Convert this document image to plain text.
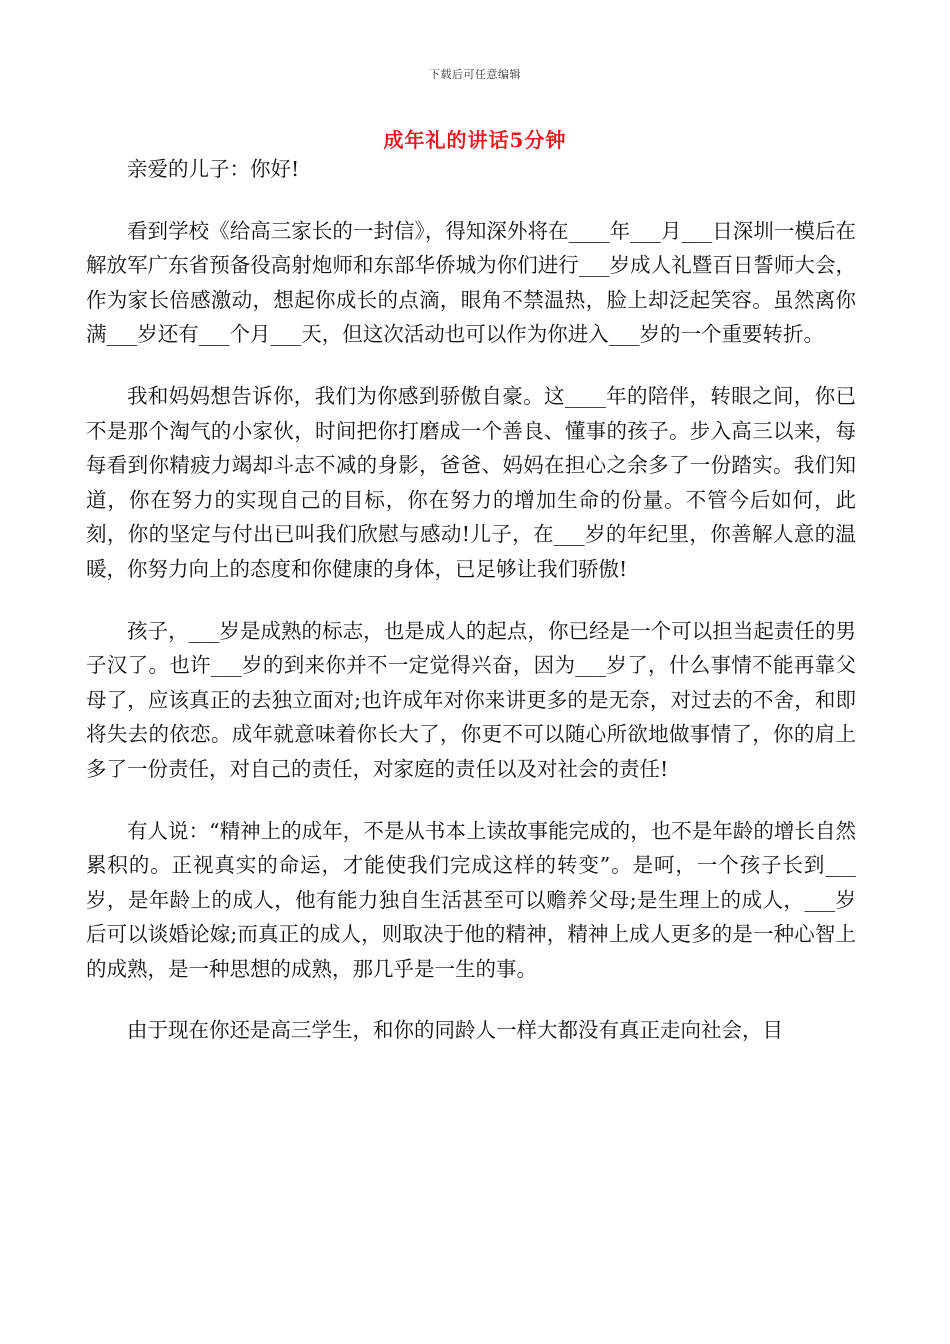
下载后可任意编辑
成年礼的讲话5分钟

亲爱的儿子：你好!

看到学校《给高三家长的一封信》，得知深外将在____年___月___日深圳一模后在解放军广东省预备役高射炮师和东部华侨城为你们进行___岁成人礼暨百日誓师大会，作为家长倍感激动，想起你成长的点滴，眼角不禁温热，脸上却泛起笑容。虽然离你满___岁还有___个月___天，但这次活动也可以作为你进入___岁的一个重要转折。

我和妈妈想告诉你，我们为你感到骄傲自豪。这____年的陪伴，转眼之间，你已不是那个淘气的小家伙，时间把你打磨成一个善良、懂事的孩子。步入高三以来，每每看到你精疲力竭却斗志不减的身影，爸爸、妈妈在担心之余多了一份踏实。我们知道，你在努力的实现自己的目标，你在努力的增加生命的份量。不管今后如何，此刻，你的坚定与付出已叫我们欣慰与感动!儿子，在___岁的年纪里，你善解人意的温暖，你努力向上的态度和你健康的身体，已足够让我们骄傲!

孩子，___岁是成熟的标志，也是成人的起点，你已经是一个可以担当起责任的男子汉了。也许___岁的到来你并不一定觉得兴奋，因为___岁了，什么事情不能再靠父母了，应该真正的去独立面对;也许成年对你来讲更多的是无奈，对过去的不舍，和即将失去的依恋。成年就意味着你长大了，你更不可以随心所欲地做事情了，你的肩上多了一份责任，对自己的责任，对家庭的责任以及对社会的责任!

有人说：“精神上的成年，不是从书本上读故事能完成的，也不是年龄的增长自然累积的。正视真实的命运，才能使我们完成这样的转变”。是呵，一个孩子长到___岁，是年龄上的成人，他有能力独自生活甚至可以赡养父母;是生理上的成人，___岁后可以谈婚论嫁;而真正的成人，则取决于他的精神，精神上成人更多的是一种心智上的成熟，是一种思想的成熟，那几乎是一生的事。

由于现在你还是高三学生，和你的同龄人一样大都没有真正走向社会，目
